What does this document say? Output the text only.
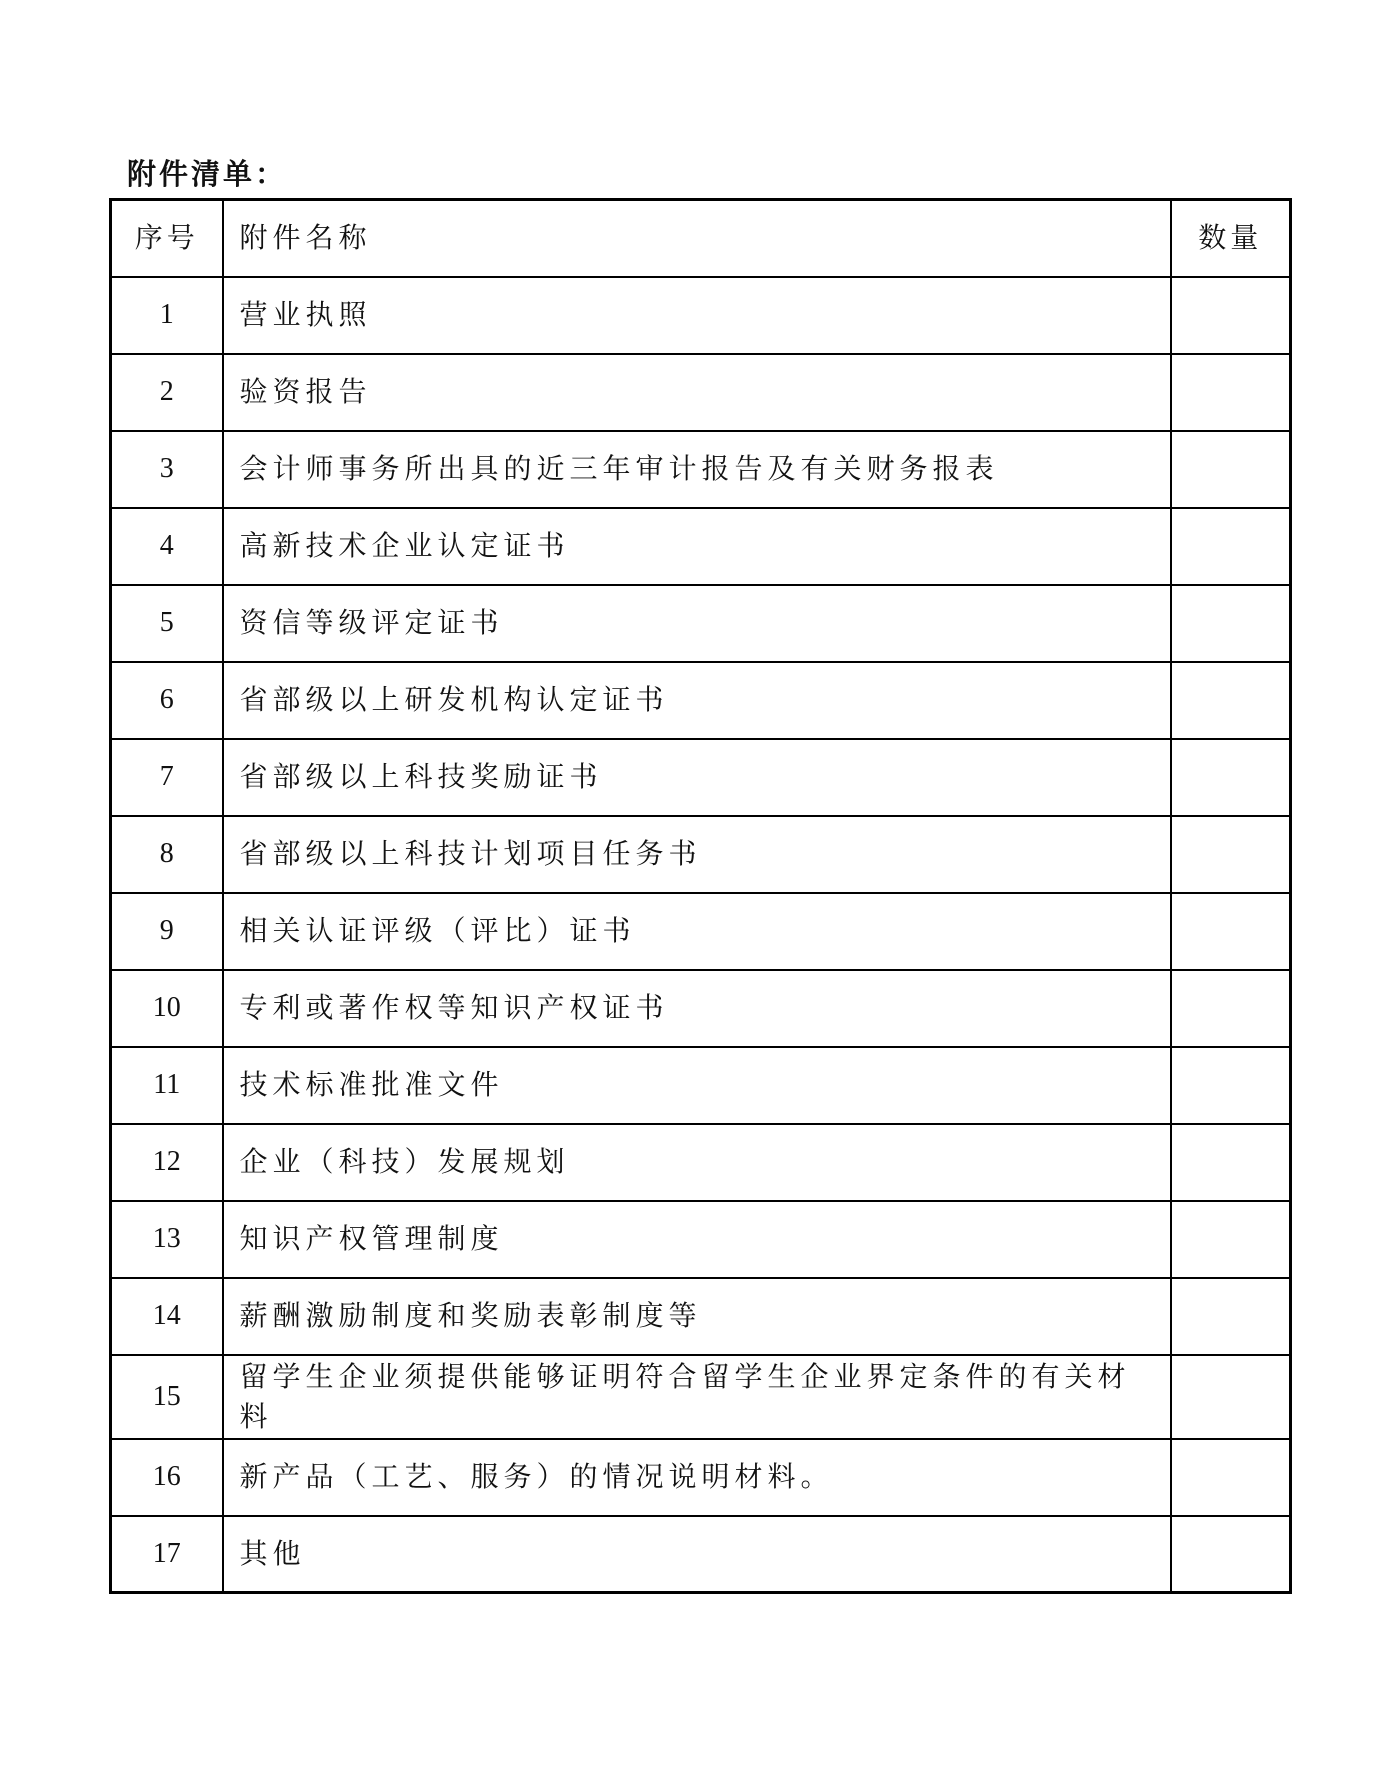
附件清单：
序号	附件名称	数量
1	营业执照	
2	验资报告	
3	会计师事务所出具的近三年审计报告及有关财务报表	
4	高新技术企业认定证书	
5	资信等级评定证书	
6	省部级以上研发机构认定证书	
7	省部级以上科技奖励证书	
8	省部级以上科技计划项目任务书	
9	相关认证评级（评比）证书	
10	专利或著作权等知识产权证书	
11	技术标准批准文件	
12	企业（科技）发展规划	
13	知识产权管理制度	
14	薪酬激励制度和奖励表彰制度等	
15	留学生企业须提供能够证明符合留学生企业界定条件的有关材料	
16	新产品（工艺、服务）的情况说明材料。	
17	其他	
